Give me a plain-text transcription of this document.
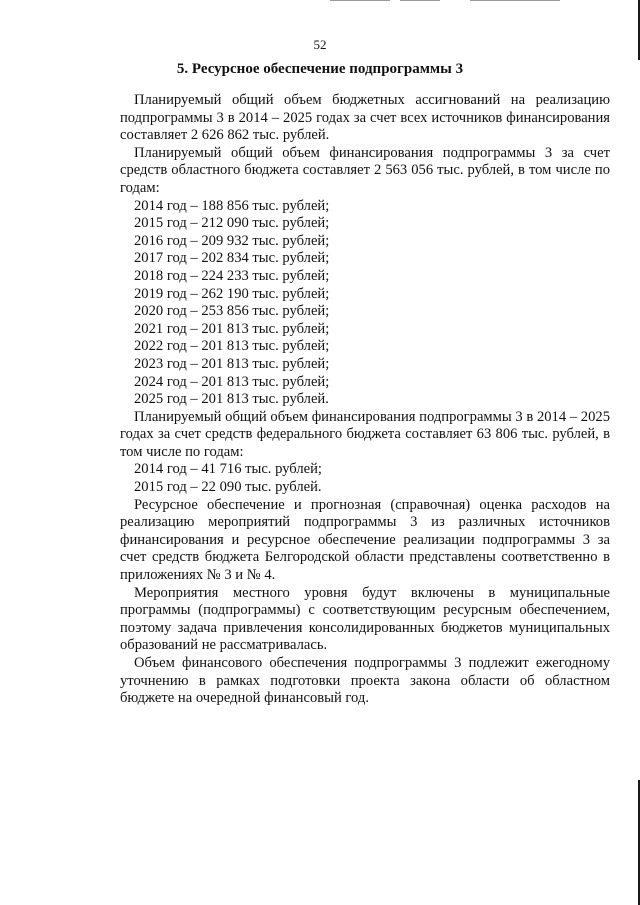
52
5. Ресурсное обеспечение подпрограммы 3

Планируемый общий объем бюджетных ассигнований на реализацию подпрограммы 3 в 2014 – 2025 годах за счет всех источников финансирования составляет 2 626 862 тыс. рублей.

Планируемый общий объем финансирования подпрограммы 3 за счет средств областного бюджета составляет 2 563 056 тыс. рублей, в том числе по годам:

2014 год – 188 856 тыс. рублей;
2015 год – 212 090 тыс. рублей;
2016 год – 209 932 тыс. рублей;
2017 год – 202 834 тыс. рублей;
2018 год – 224 233 тыс. рублей;
2019 год – 262 190 тыс. рублей;
2020 год – 253 856 тыс. рублей;
2021 год – 201 813 тыс. рублей;
2022 год – 201 813 тыс. рублей;
2023 год – 201 813 тыс. рублей;
2024 год – 201 813 тыс. рублей;
2025 год – 201 813 тыс. рублей.

Планируемый общий объем финансирования подпрограммы 3 в 2014 – 2025 годах за счет средств федерального бюджета составляет 63 806 тыс. рублей, в том числе по годам:

2014 год – 41 716 тыс. рублей;
2015 год – 22 090 тыс. рублей.

Ресурсное обеспечение и прогнозная (справочная) оценка расходов на реализацию мероприятий подпрограммы 3 из различных источников финансирования и ресурсное обеспечение реализации подпрограммы 3 за счет средств бюджета Белгородской области представлены соответственно в приложениях № 3 и № 4.

Мероприятия местного уровня будут включены в муниципальные программы (подпрограммы) с соответствующим ресурсным обеспечением, поэтому задача привлечения консолидированных бюджетов муниципальных образований не рассматривалась.

Объем финансового обеспечения подпрограммы 3 подлежит ежегодному уточнению в рамках подготовки проекта закона области об областном бюджете на очередной финансовый год.
